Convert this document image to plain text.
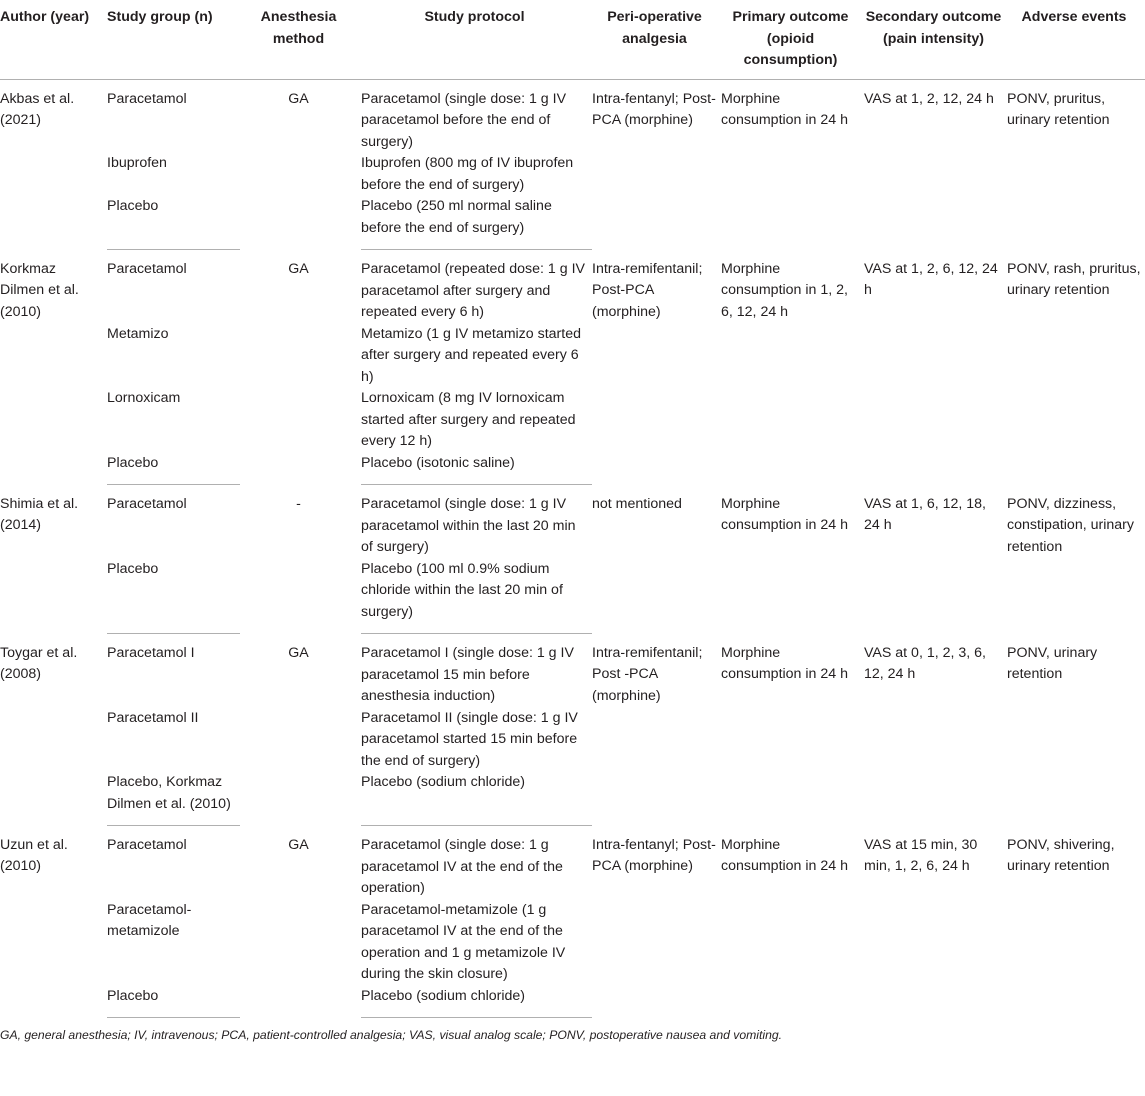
Author (year)	Study group (n)	Anesthesia method	Study protocol	Peri-operative analgesia	Primary outcome (opioid consumption)	Secondary outcome (pain intensity)	Adverse events
Akbas et al. (2021)	Paracetamol	GA	Paracetamol (single dose: 1 g IV paracetamol before the end of surgery)	Intra-fentanyl; Post-PCA (morphine)	Morphine consumption in 24 h	VAS at 1, 2, 12, 24 h	PONV, pruritus, urinary retention
	Ibuprofen		Ibuprofen (800 mg of IV ibuprofen before the end of surgery)				
	Placebo		Placebo (250 ml normal saline before the end of surgery)				
Korkmaz Dilmen et al. (2010)	Paracetamol	GA	Paracetamol (repeated dose: 1 g IV paracetamol after surgery and repeated every 6 h)	Intra-remifentanil; Post-PCA (morphine)	Morphine consumption in 1, 2, 6, 12, 24 h	VAS at 1, 2, 6, 12, 24 h	PONV, rash, pruritus, urinary retention
	Metamizo		Metamizo (1 g IV metamizo started after surgery and repeated every 6 h)				
	Lornoxicam		Lornoxicam (8 mg IV lornoxicam started after surgery and repeated every 12 h)				
	Placebo		Placebo (isotonic saline)				
Shimia et al. (2014)	Paracetamol	-	Paracetamol (single dose: 1 g IV paracetamol within the last 20 min of surgery)	not mentioned	Morphine consumption in 24 h	VAS at 1, 6, 12, 18, 24 h	PONV, dizziness, constipation, urinary retention
	Placebo		Placebo (100 ml 0.9% sodium chloride within the last 20 min of surgery)				
Toygar et al. (2008)	Paracetamol I	GA	Paracetamol I (single dose: 1 g IV paracetamol 15 min before anesthesia induction)	Intra-remifentanil; Post -PCA (morphine)	Morphine consumption in 24 h	VAS at 0, 1, 2, 3, 6, 12, 24 h	PONV, urinary retention
	Paracetamol II		Paracetamol II (single dose: 1 g IV paracetamol started 15 min before the end of surgery)				
	Placebo, Korkmaz Dilmen et al. (2010)		Placebo (sodium chloride)				
Uzun et al. (2010)	Paracetamol	GA	Paracetamol (single dose: 1 g paracetamol IV at the end of the operation)	Intra-fentanyl; Post-PCA (morphine)	Morphine consumption in 24 h	VAS at 15 min, 30 min, 1, 2, 6, 24 h	PONV, shivering, urinary retention
	Paracetamol-metamizole		Paracetamol-metamizole (1 g paracetamol IV at the end of the operation and 1 g metamizole IV during the skin closure)				
	Placebo		Placebo (sodium chloride)				
GA, general anesthesia; IV, intravenous; PCA, patient-controlled analgesia; VAS, visual analog scale; PONV, postoperative nausea and vomiting.
